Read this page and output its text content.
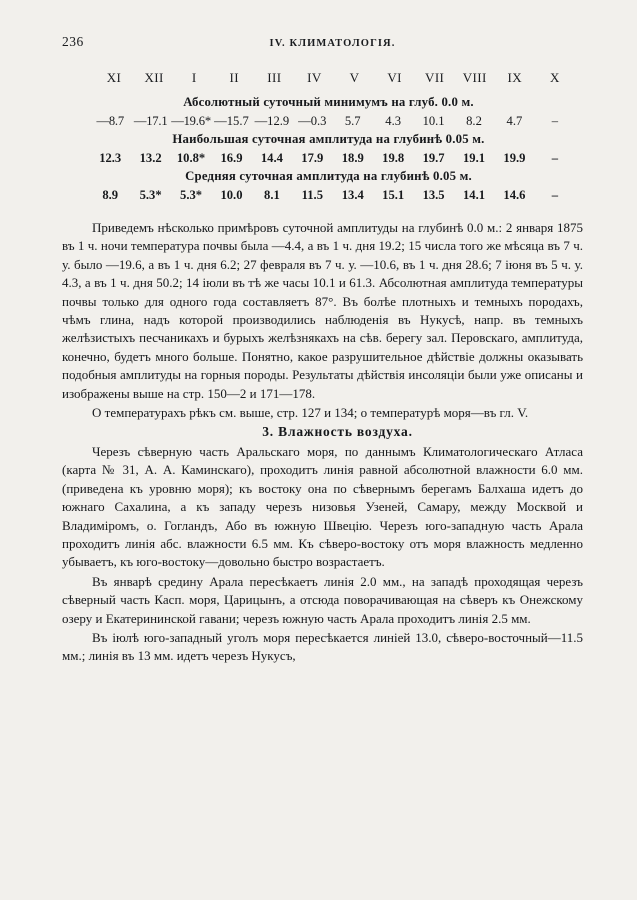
236	IV. КЛИМАТОЛОГІЯ.
XI	XII	I	II	III	IV	V	VI	VII	VIII	IX	X
Абсолютный суточный минимумъ на глуб. 0.0 м.
—8.7 —17.1 —19.6* —15.7 —12.9 —0.3	5.7	4.3	10.1	8.2	4.7	–
Наибольшая суточная амплитуда на глубинѣ 0.05 м.
12.3	13.2	10.8*	16.9	14.4	17.9	18.9	19.8	19.7	19.1	19.9	–
Средняя суточная амплитуда на глубинѣ 0.05 м.
8.9	5.3*	5.3*	10.0	8.1	11.5	13.4	15.1	13.5	14.1	14.6	–

Приведемъ нѣсколько примѣровъ суточной амплитуды на глубинѣ 0.0 м.: 2 января 1875 въ 1 ч. ночи температура почвы была —4.4, а въ 1 ч. дня 19.2; 15 числа того же мѣсяца въ 7 ч. у. было —19.6, а въ 1 ч. дня 6.2; 27 февраля въ 7 ч. у. —10.6, въ 1 ч. дня 28.6; 7 іюня въ 5 ч. у. 4.3, а въ 1 ч. дня 50.2; 14 іюли въ тѣ же часы 10.1 и 61.3. Абсолютная амплитуда температуры почвы только для одного года составляетъ 87°. Въ болѣе плотныхъ и темныхъ породахъ, чѣмъ глина, надъ которой производились наблюденія въ Нукусѣ, напр. въ темныхъ желѣзистыхъ песчаникахъ и бурыхъ желѣзнякахъ на сѣв. берегу зал. Перовскаго, амплитуда, конечно, будетъ много больше. Понятно, какое разрушительное дѣйствіе должны оказывать подобныя амплитуды на горныя породы. Результаты дѣйствія инсоляціи были уже описаны и изображены выше на стр. 150—2 и 171—178.

О температурахъ рѣкъ см. выше, стр. 127 и 134; о температурѣ моря—въ гл. V.

3. Влажность воздуха.

Черезъ сѣверную часть Аральскаго моря, по даннымъ Климатологическаго Атласа (карта № 31, А. А. Каминскаго), проходитъ линія равной абсолютной влажности 6.0 мм. (приведена къ уровню моря); къ востоку она по сѣвернымъ берегамъ Балхаша идетъ до южнаго Сахалина, а къ западу черезъ низовья Узеней, Самару, между Москвой и Владиміромъ, о. Гогландъ, Або въ южную Швецію. Черезъ юго-западную часть Арала проходитъ линія абс. влажности 6.5 мм. Къ сѣверо-востоку отъ моря влажность медленно убываетъ, къ юго-востоку—довольно быстро возрастаетъ.

Въ январѣ средину Арала пересѣкаетъ линія 2.0 мм., на западѣ проходящая черезъ сѣверный часть Касп. моря, Царицынъ, а отсюда поворачивающая на сѣверъ къ Онежскому озеру и Екатерининской гавани; черезъ южную часть Арала проходитъ линія 2.5 мм.

Въ іюлѣ юго-западный уголъ моря пересѣкается линіей 13.0, сѣверо-восточный—11.5 мм.; линія въ 13 мм. идетъ черезъ Нукусъ,
